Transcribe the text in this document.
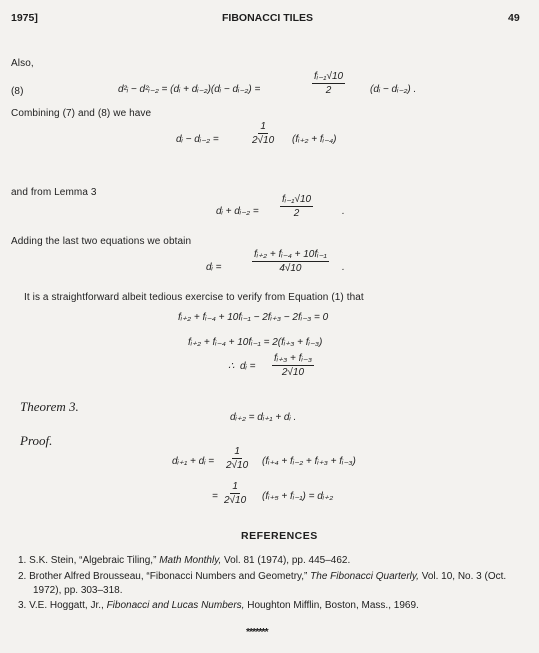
1975]	FIBONACCI TILES	49
Also,
(8)	d²ᵢ − d²ᵢ₋₂ = (dᵢ + dᵢ₋₂)(dᵢ − dᵢ₋₂) =	$\frac{\text{fᵢ₋₁√10}}{2}$ (dᵢ − dᵢ₋₂) .
Combining (7) and (8) we have
dᵢ − dᵢ₋₂ =	$\frac{1}{2√10}$ (fᵢ₊₂ + fᵢ₋₄)
and from Lemma 3
dᵢ + dᵢ₋₂ = $\frac{\text{fᵢ₋₁√10}}{2}$	.
Adding the last two equations we obtain
dᵢ =	$\frac{\text{fᵢ₊₂ + fᵢ₋₄ + 10fᵢ₋₁}}{4√10}$ .
It is a straightforward albeit tedious exercise to verify from Equation (1) that
fᵢ₊₂ + fᵢ₋₄ + 10fᵢ₋₁ − 2fᵢ₊₃ − 2fᵢ₋₃ = 0
fᵢ₊₂ + fᵢ₋₄ + 10fᵢ₋₁ = 2(fᵢ₊₃ + fᵢ₋₃)
∴ dᵢ = $\frac{\text{fᵢ₊₃ + fᵢ₋₃}}{2√10}$
Theorem 3.
dᵢ₊₂ = dᵢ₊₁ + dᵢ .
Proof.
dᵢ₊₁ + dᵢ = $\frac{1}{2√10}$ (fᵢ₊₄ + fᵢ₋₂ + fᵢ₊₃ + fᵢ₋₃)
= $\frac{1}{2√10}$ (fᵢ₊₅ + fᵢ₋₁) = dᵢ₊₂
REFERENCES
1. S.K. Stein, “Algebraic Tiling,” Math Monthly, Vol. 81 (1974), pp. 445–462.
2. Brother Alfred Brousseau, “Fibonacci Numbers and Geometry,” The Fibonacci Quarterly, Vol. 10, No. 3 (Oct.
1972), pp. 303–318.
3. V.E. Hoggatt, Jr., Fibonacci and Lucas Numbers, Houghton Mifflin, Boston, Mass., 1969.
*******
